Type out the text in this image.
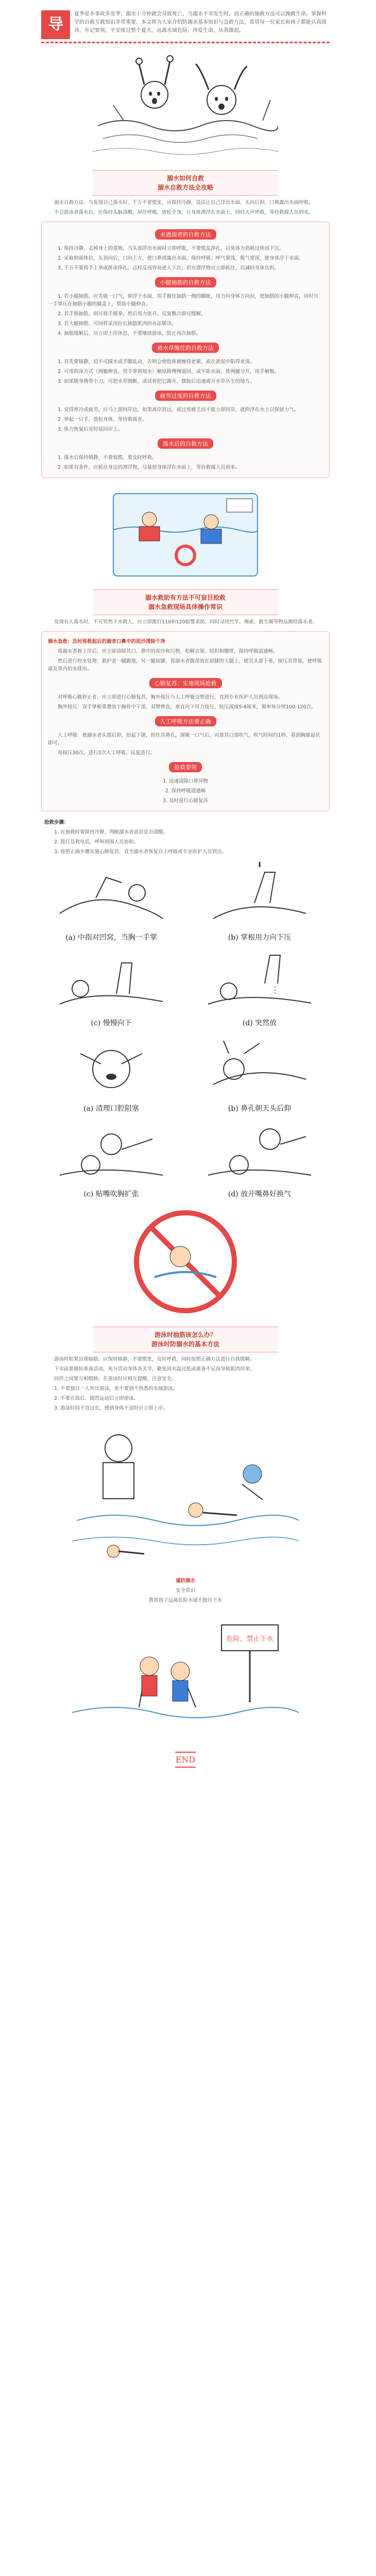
导语
夏季是水事故多发季，溺水十分钟就会导致死亡，当溺水不幸发生时，而正确的施救方法可以挽救生命。掌握科学的自救互救知识非常重要，本文将为大家介绍防溺水基本知识与急救方法，希望每一位家长和孩子都能认真阅读，牢记要领，平安度过整个夏天，远离水域危险，珍爱生命，从我做起。
溺水如何自救
溺水自救方法全攻略

溺水自救方法：当发现自己落水时，千万不要慌张，应保持冷静，设法让自己浮出水面，头向后仰，口鼻露出水面呼吸。

不会游泳者落水后，应保持头脑清醒，屏住呼吸，放松全身，让身体漂浮在水面上，同时大声呼救，等待救援人员到来。

未遇溺者的自救方法

1. 保持冷静，去掉身上的重物，当头部浮出水面时立即呼吸，不要慌乱挣扎，以免体力消耗过快而下沉。

2. 采取仰面体位，头顶向后，口向上方，使口鼻部露出水面，保持呼吸；呼气要浅，吸气要深，使身体浮于水面。

3. 千万不要将手上举或拼命挣扎，这样反而容易使人下沉；若有漂浮物应立即抓住，以减轻身体负担。

小腿抽筋的自救方法

1. 若小腿抽筋，应先吸一口气，仰浮于水面，用手握住抽筋一侧的脚趾，用力向身体方向拉，使抽筋的小腿伸直，同时另一手掌压在抽筋小腿的膝盖上，帮助小腿伸直。

2. 若手指抽筋，则可将手握拳，然后用力张开，反复数次即可缓解。

3. 若大腿抽筋，可同样采用拉长抽筋肌肉的办法解决。

4. 抽筋缓解后，应立即上岸休息，不要继续游泳，防止再次抽筋。

被水草缠住的自救方法

1. 首先要镇静，切不可踩水或手脚乱动，否则会使肢体被缠得更紧，或在淤泥中陷得更深。

2. 可用仰泳方式（两腿伸直、用手掌倒划水）顺原路慢慢退回，或平卧水面，使两腿分开，用手解脱。

3. 如果随身携带小刀，可把水草割断，或试着把它踢开，摆脱后迅速离开水草丛生的地方。

疲劳过度的自救方法

1. 觉得寒冷或疲劳，应马上游回岸边，如果离岸甚远，或过度疲乏而不能立即回岸，就仰浮在水上以保留力气。

2. 举起一只手，放松身体，等待救援者。

3. 体力恢复后及时返回岸上。

落水后的自救方法

1. 落水后保持镇静，不要惊慌，要及时呼救。

2. 如果有条件，应抓住身边的漂浮物，尽量使身体浮在水面上，等待救援人员到来。

溺水救助有方法不可盲目抢救
溺水急救现场具体操作常识

发现有人落水时，不可贸然下水救人，应立即拨打110和120报警求助，同时寻找竹竿、绳索、救生圈等物品抛给落水者。

溺水急救：及时将救起后的溺者口鼻中的泥沙清除干净

将溺水者救上岸后，应立即清除其口、鼻中的泥沙和污物，松解衣领、纽扣和腰带，保持呼吸道通畅。

然后进行控水处理：救护者一腿跪地，另一腿屈膝，将溺水者腹部放在屈膝的大腿上，使其头部下垂，按压其背部，使呼吸道及胃内的水排出。

心肺复苏：实施现场抢救

对呼吸心跳停止者，应立即进行心肺复苏，胸外按压与人工呼吸交替进行，直到专业医护人员到达现场。

胸外按压：双手掌根重叠放于胸骨中下部，双臂伸直，垂直向下用力按压，按压深度5-6厘米，频率每分钟100-120次。

人工呼吸方法要正确

人工呼吸：使溺水者头部后仰，抬起下颌，捏住其鼻孔，深吸一口气后，对准其口部吹气，吹气时间约1秒，看到胸廓起伏即可。

每按压30次，进行2次人工呼吸，反复进行。

抢救要领

1. 迅速清除口鼻异物

2. 保持呼吸道通畅

3. 及时进行心肺复苏

抢救步骤：

1. 在施救时要保持冷静，判断溺水者意识是否清醒。

2. 拨打急救电话，呼叫周围人员协助。

3. 按照正确步骤实施心肺复苏，直至溺水者恢复自主呼吸或专业医护人员到达。

(a) 中指对凹窝，当胸一手掌	(b) 掌根用力向下压
(c) 慢慢向下	(d) 突然放
(a) 清理口腔阻塞	(b) 鼻孔朝天头后仰
(c) 贴嘴吹胸扩张	(d) 放开嘴鼻好换气
游泳时抽筋该怎么办？
游泳时防溺水的基本方法

游泳时如果出现抽筋，应保持镇静，不要慌张，及时呼救，同时按照正确方法进行自我缓解。

下水前要做好准备活动，充分活动身体各关节，避免因水温过低或准备不足而导致肌肉痉挛。

同伴之间要互相照顾，在游泳时应相互提醒，注意安全。

1. 不要独自一人外出游泳，更不要到不熟悉的水域游泳。

2. 不要在饭后、剧烈运动后立即游泳。

3. 游泳时间不宜过长，感到身体不适时应立即上岸。

谨防溺水

安全常识

教育孩子远离危险水域不独自下水

危险，禁止下水
END
